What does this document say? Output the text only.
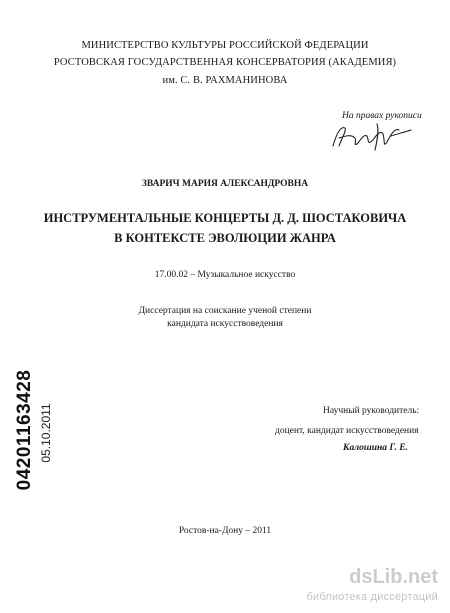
МИНИСТЕРСТВО КУЛЬТУРЫ РОССИЙСКОЙ ФЕДЕРАЦИИ
РОСТОВСКАЯ ГОСУДАРСТВЕННАЯ КОНСЕРВАТОРИЯ (АКАДЕМИЯ)
им. С. В. РАХМАНИНОВА
На правах рукописи
ЗВАРИЧ МАРИЯ АЛЕКСАНДРОВНА
ИНСТРУМЕНТАЛЬНЫЕ КОНЦЕРТЫ Д. Д. ШОСТАКОВИЧА
В КОНТЕКСТЕ ЭВОЛЮЦИИ ЖАНРА
17.00.02 – Музыкальное искусство
Диссертация на соискание ученой степени
кандидата искусствоведения
Научный руководитель:
доцент, кандидат искусствоведения
Калошина Г. Е.
Ростов-на-Дону – 2011
04201163428 05.10.2011
dsLib.net
библиотека диссертаций
